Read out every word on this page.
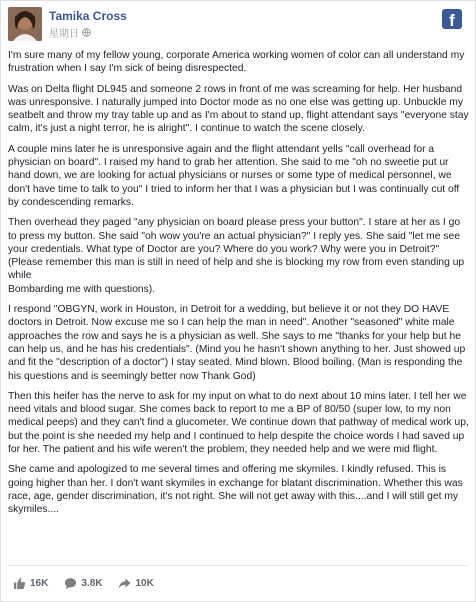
Tamika Cross
星期日
f

I'm sure many of my fellow young, corporate America working women of color can all understand my frustration when I say I'm sick of being disrespected.

Was on Delta flight DL945 and someone 2 rows in front of me was screaming for help. Her husband was unresponsive. I naturally jumped into Doctor mode as no one else was getting up. Unbuckle my seatbelt and throw my tray table up and as I'm about to stand up, flight attendant says "everyone stay calm, it's just a night terror, he is alright". I continue to watch the scene closely.

A couple mins later he is unresponsive again and the flight attendant yells "call overhead for a physician on board". I raised my hand to grab her attention. She said to me "oh no sweetie put ur hand down, we are looking for actual physicians or nurses or some type of medical personnel, we don't have time to talk to you" I tried to inform her that I was a physician but I was continually cut off by condescending remarks.

Then overhead they paged "any physician on board please press your button". I stare at her as I go to press my button. She said "oh wow you're an actual physician?" I reply yes. She said "let me see your credentials. What type of Doctor are you? Where do you work? Why were you in Detroit?" (Please remember this man is still in need of help and she is blocking my row from even standing up while
Bombarding me with questions).

I respond "OBGYN, work in Houston, in Detroit for a wedding, but believe it or not they DO HAVE doctors in Detroit. Now excuse me so I can help the man in need". Another "seasoned" white male approaches the row and says he is a physician as well. She says to me "thanks for your help but he can help us, and he has his credentials". (Mind you he hasn't shown anything to her. Just showed up and fit the "description of a doctor") I stay seated. Mind blown. Blood boiling. (Man is responding the his questions and is seemingly better now Thank God)

Then this heifer has the nerve to ask for my input on what to do next about 10 mins later. I tell her we need vitals and blood sugar. She comes back to report to me a BP of 80/50 (super low, to my non medical peeps) and they can't find a glucometer. We continue down that pathway of medical work up, but the point is she needed my help and I continued to help despite the choice words I had saved up for her. The patient and his wife weren't the problem, they needed help and we were mid flight.

She came and apologized to me several times and offering me skymiles. I kindly refused. This is going higher than her. I don't want skymiles in exchange for blatant discrimination. Whether this was race, age, gender discrimination, it's not right. She will not get away with this....and I will still get my skymiles....

16K	3.8K	10K
